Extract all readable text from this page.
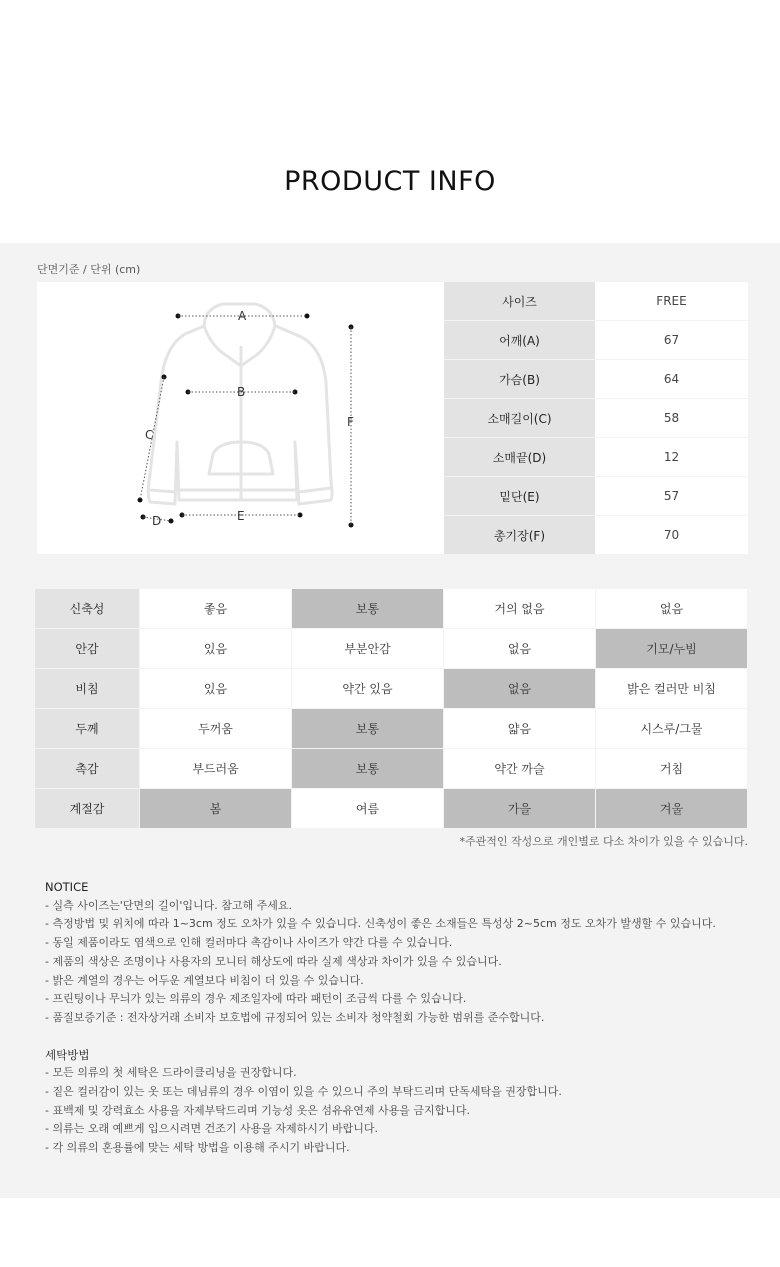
PRODUCT INFO
단면기준 / 단위 (cm)
A
B
C
D	E
F
사이즈	FREE
어깨(A)	67
가슴(B)	64
소매길이(C)	58
소매끝(D)	12
밑단(E)	57
총기장(F)	70
신축성	좋음	보통	거의 없음	없음
안감	있음	부분안감	없음	기모/누빔
비침	있음	약간 있음	없음	밝은 컬러만 비침
두께	두꺼움	보통	얇음	시스루/그물
촉감	부드러움	보통	약간 까슬	거침
계절감	봄	여름	가을	겨울
*주관적인 작성으로 개인별로 다소 차이가 있을 수 있습니다.

NOTICE

- 실측 사이즈는'단면의 길이'입니다. 참고해 주세요.

- 측정방법 및 위치에 따라 1~3cm 정도 오차가 있을 수 있습니다. 신축성이 좋은 소재들은 특성상 2~5cm 정도 오차가 발생할 수 있습니다.

- 동일 제품이라도 염색으로 인해 컬러마다 촉감이나 사이즈가 약간 다를 수 있습니다.

- 제품의 색상은 조명이나 사용자의 모니터 해상도에 따라 실제 색상과 차이가 있을 수 있습니다.

- 밝은 계열의 경우는 어두운 계열보다 비침이 더 있을 수 있습니다.

- 프린팅이나 무늬가 있는 의류의 경우 제조일자에 따라 패턴이 조금씩 다를 수 있습니다.

- 품질보증기준 : 전자상거래 소비자 보호법에 규정되어 있는 소비자 청약철회 가능한 범위를 준수합니다.

세탁방법

- 모든 의류의 첫 세탁은 드라이클리닝을 권장합니다.

- 짙은 컬러감이 있는 옷 또는 데님류의 경우 이염이 있을 수 있으니 주의 부탁드리며 단독세탁을 권장합니다.

- 표백제 및 강력효소 사용을 자제부탁드리며 기능성 옷은 섬유유연제 사용을 금지합니다.

- 의류는 오래 예쁘게 입으시려면 건조기 사용을 자제하시기 바랍니다.

- 각 의류의 혼용률에 맞는 세탁 방법을 이용해 주시기 바랍니다.
